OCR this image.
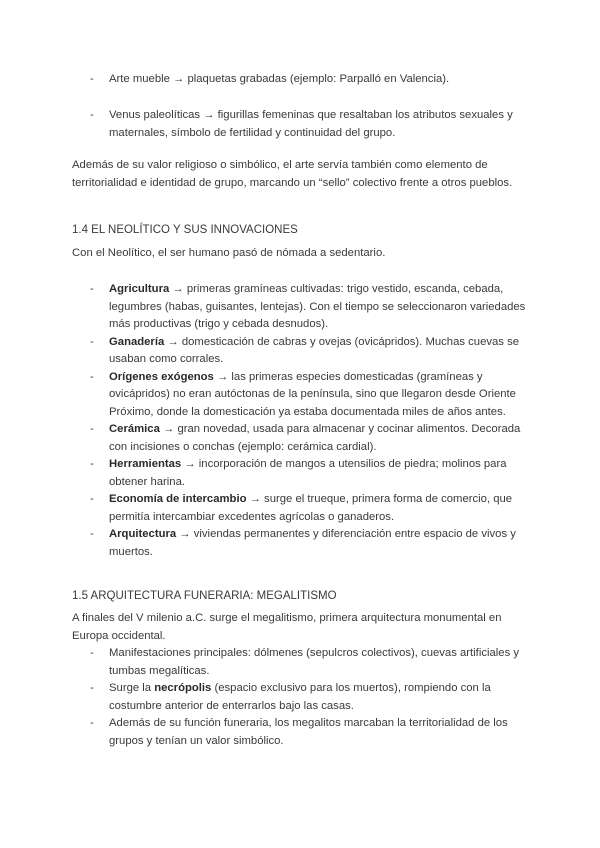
- Arte mueble → plaquetas grabadas (ejemplo: Parpalló en Valencia).
- Venus paleolíticas → figurillas femeninas que resaltaban los atributos sexuales y maternales, símbolo de fertilidad y continuidad del grupo.

Además de su valor religioso o simbólico, el arte servía también como elemento de territorialidad e identidad de grupo, marcando un “sello” colectivo frente a otros pueblos.

1.4 EL NEOLÍTICO Y SUS INNOVACIONES

Con el Neolítico, el ser humano pasó de nómada a sedentario.

- Agricultura → primeras gramíneas cultivadas: trigo vestido, escanda, cebada, legumbres (habas, guisantes, lentejas). Con el tiempo se seleccionaron variedades más productivas (trigo y cebada desnudos).
- Ganadería → domesticación de cabras y ovejas (ovicápridos). Muchas cuevas se usaban como corrales.
- Orígenes exógenos → las primeras especies domesticadas (gramíneas y ovicápridos) no eran autóctonas de la península, sino que llegaron desde Oriente Próximo, donde la domesticación ya estaba documentada miles de años antes.
- Cerámica → gran novedad, usada para almacenar y cocinar alimentos. Decorada con incisiones o conchas (ejemplo: cerámica cardial).
- Herramientas → incorporación de mangos a utensilios de piedra; molinos para obtener harina.
- Economía de intercambio → surge el trueque, primera forma de comercio, que permitía intercambiar excedentes agrícolas o ganaderos.
- Arquitectura → viviendas permanentes y diferenciación entre espacio de vivos y muertos.
1.5 ARQUITECTURA FUNERARIA: MEGALITISMO

A finales del V milenio a.C. surge el megalitismo, primera arquitectura monumental en Europa occidental.

- Manifestaciones principales: dólmenes (sepulcros colectivos), cuevas artificiales y tumbas megalíticas.
- Surge la necrópolis (espacio exclusivo para los muertos), rompiendo con la costumbre anterior de enterrarlos bajo las casas.
- Además de su función funeraria, los megalitos marcaban la territorialidad de los grupos y tenían un valor simbólico.
